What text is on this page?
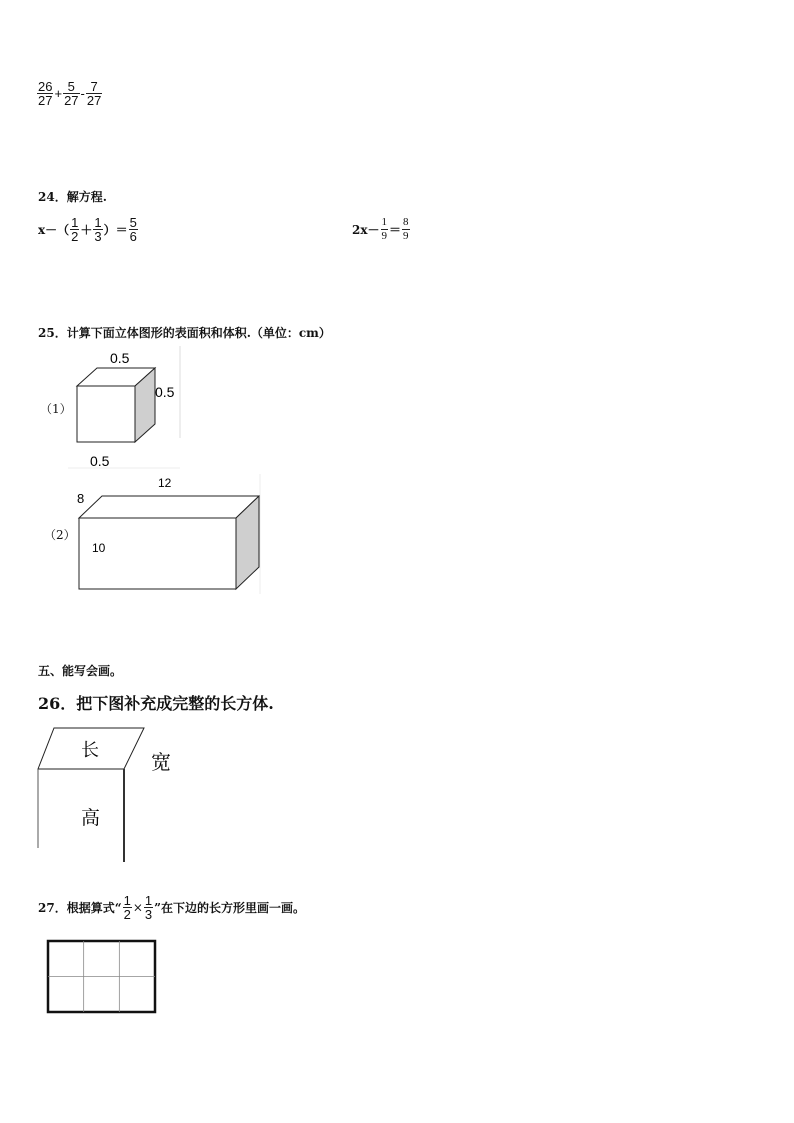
$\frac{26}{27} + \frac{5}{27} - \frac{7}{27}$
24．解方程.
$x-( \frac{1}{2} + \frac{1}{3}$ ）＝ $\frac{5}{6}$	$2x- \frac{1}{9} = \frac{8}{9}$
25．计算下面立体图形的表面积和体积.（单位：cm）
（1）
0.5
0.5
0.5
（2）
8
12
10
五、能写会画。
26．把下图补充成完整的长方体.
长
宽
高
27．根据算式“ $\frac{1}{2} \times \frac{1}{3}$ ”在下边的长方形里画一画。
